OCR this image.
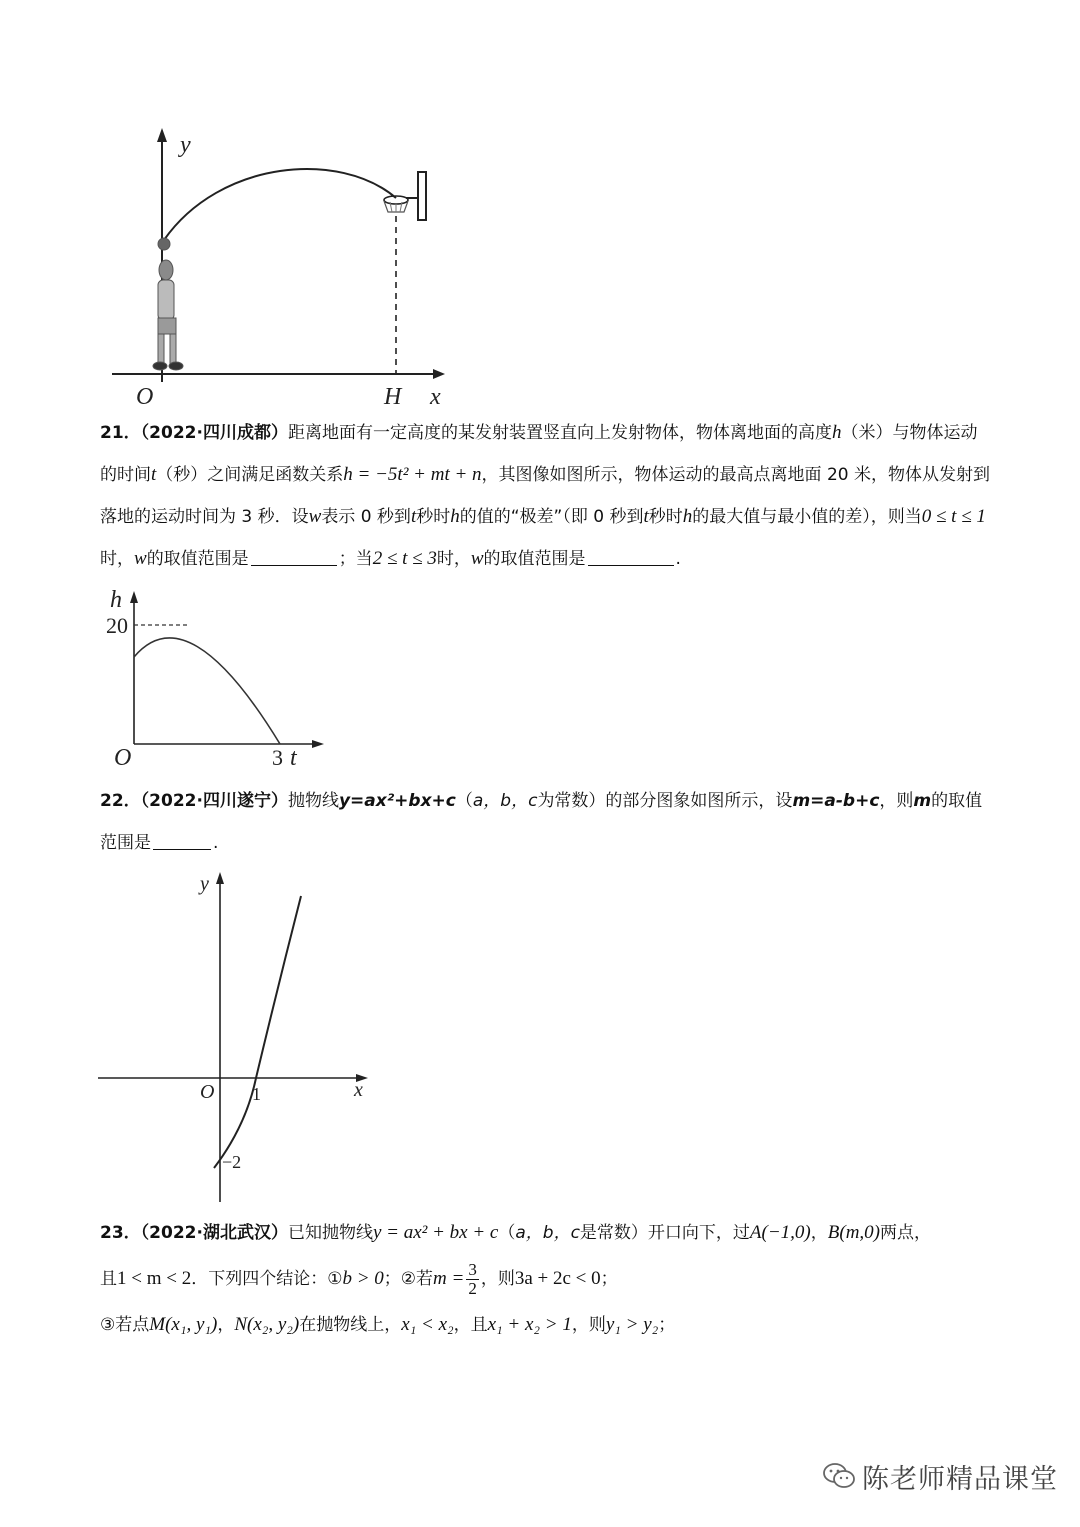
y
O	H x
21．（2022·四川成都）距离地面有一定高度的某发射装置竖直向上发射物体，物体离地面的高度h（米）与物体运动的时间t（秒）之间满足函数关系h = −5t² + mt + n，其图像如图所示，物体运动的最高点离地面 20 米，物体从发射到落地的运动时间为 3 秒．设w表示 0 秒到t秒时h的值的“极差”（即 0 秒到t秒时h的最大值与最小值的差），则当0 ≤ t ≤ 1时，w的取值范围是	；当2 ≤ t ≤ 3时，w的取值范围是	.
h
20
O	3 t
22．（2022·四川遂宁）抛物线y=ax²+bx+c（a，b，c为常数）的部分图象如图所示，设m=a-b+c，则m的取值范围是	.
y
O	x
1
−2
23．（2022·湖北武汉）已知抛物线y = ax² + bx + c（a，b，c是常数）开口向下，过A(−1,0)，B(m,0)两点，
且1 < m < 2．下列四个结论：①b > 0；②若$m = \frac{3}{2}$ ，则3a + 2c < 0；
③若点M(x₁, y₁)，N(x₂, y₂)在抛物线上，x₁ < x₂，且x₁ + x₂ > 1，则y₁ > y₂；
陈老师精品课堂
